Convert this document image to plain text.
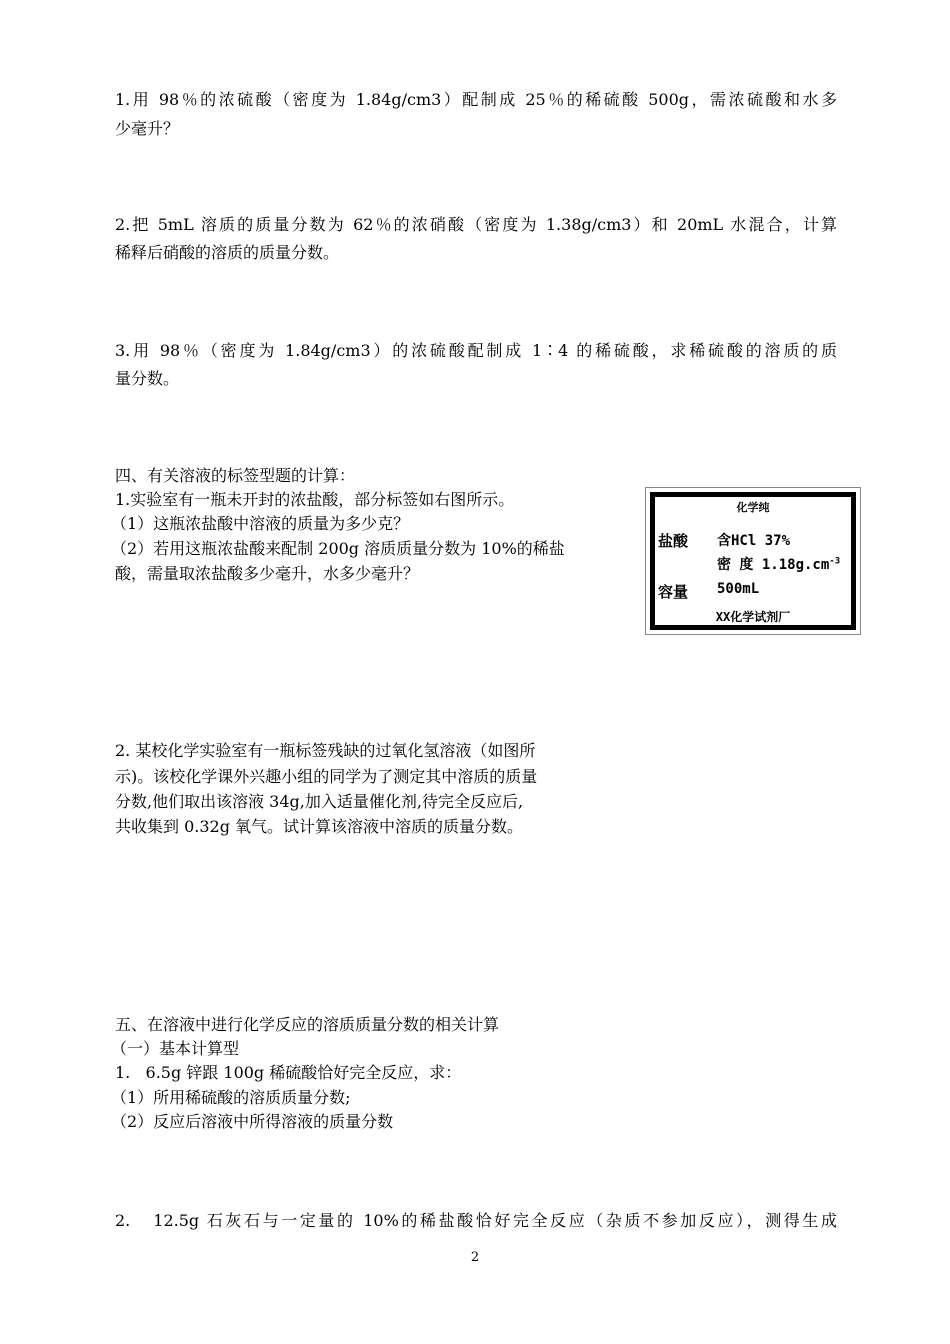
1.用 98％的浓硫酸（密度为 1.84g/cm3）配制成 25％的稀硫酸 500g，需浓硫酸和水多
少毫升？
2.把 5mL 溶质的质量分数为 62％的浓硝酸（密度为 1.38g/cm3）和 20mL 水混合，计算
稀释后硝酸的溶质的质量分数。
3.用 98％（密度为 1.84g/cm3）的浓硫酸配制成 1∶4 的稀硫酸，求稀硫酸的溶质的质
量分数。
四、有关溶液的标签型题的计算：
1.实验室有一瓶未开封的浓盐酸，部分标签如右图所示。
（1）这瓶浓盐酸中溶液的质量为多少克？
（2）若用这瓶浓盐酸来配制 200g 溶质质量分数为 10%的稀盐
酸，需量取浓盐酸多少毫升，水多少毫升？
化学纯
盐酸 含HCl 37%
密 度 $1.18g.cm^{-3}$
容量 500mL
XX化学试剂厂
2. 某校化学实验室有一瓶标签残缺的过氧化氢溶液（如图所
示)。该校化学课外兴趣小组的同学为了测定其中溶质的质量
分数,他们取出该溶液 34g,加入适量催化剂,待完全反应后,
共收集到 0.32g 氧气。试计算该溶液中溶质的质量分数。
五、在溶液中进行化学反应的溶质质量分数的相关计算
（一）基本计算型
1.   6.5g 锌跟 100g 稀硫酸恰好完全反应，求：
（1）所用稀硫酸的溶质质量分数;
（2）反应后溶液中所得溶液的质量分数
2.   12.5g 石灰石与一定量的 10%的稀盐酸恰好完全反应（杂质不参加反应），测得生成
2
